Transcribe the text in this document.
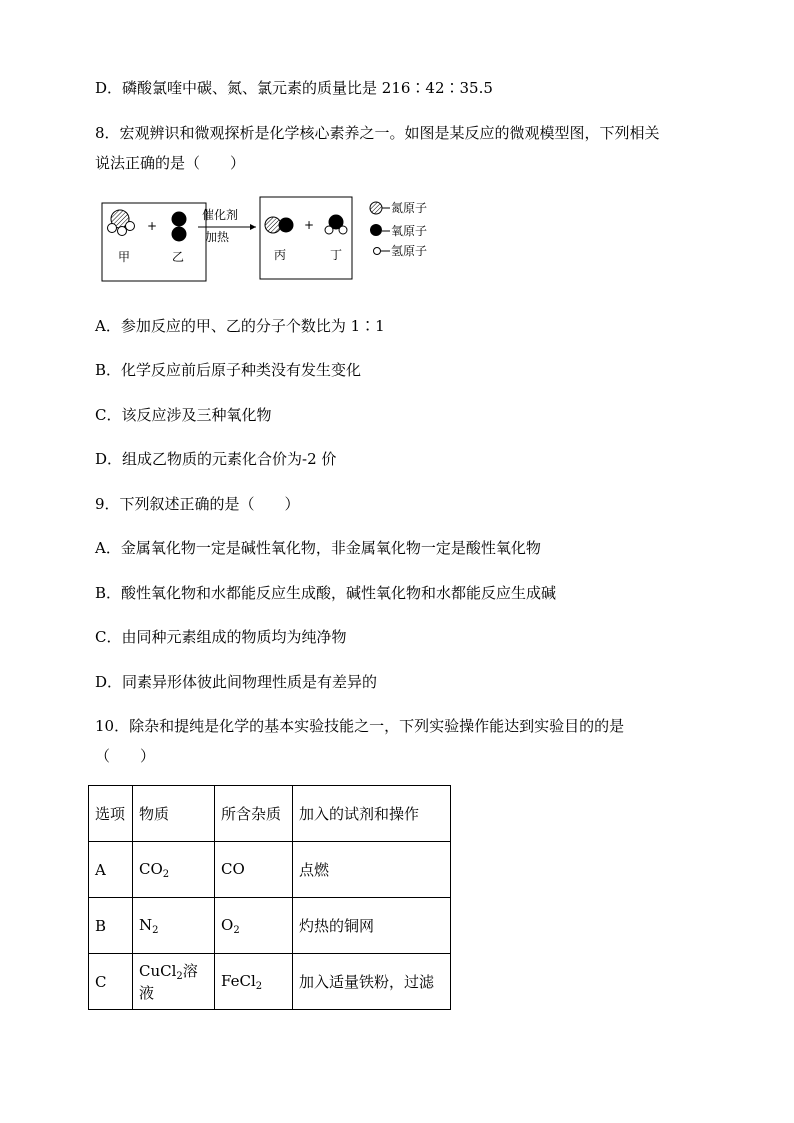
D．磷酸氯喹中碳、氮、氯元素的质量比是 216∶42∶35.5
8．宏观辨识和微观探析是化学核心素养之一。如图是某反应的微观模型图，下列相关
说法正确的是（　　）
+
甲	乙
催化剂
加热
+
丙	丁
氮原子
氧原子
氢原子
A．参加反应的甲、乙的分子个数比为 1∶1
B．化学反应前后原子种类没有发生变化
C．该反应涉及三种氧化物
D．组成乙物质的元素化合价为-2 价
9．下列叙述正确的是（　　）
A．金属氧化物一定是碱性氧化物，非金属氧化物一定是酸性氧化物
B．酸性氧化物和水都能反应生成酸，碱性氧化物和水都能反应生成碱
C．由同种元素组成的物质均为纯净物
D．同素异形体彼此间物理性质是有差异的
10．除杂和提纯是化学的基本实验技能之一，下列实验操作能达到实验目的的是
（　　）
选项	物质	所含杂质	加入的试剂和操作
A	$CO_2$	CO	点燃
B	$N_2$	$O_2$	灼热的铜网
C	CuCl$_2$溶液	FeCl$_2$	加入适量铁粉，过滤
